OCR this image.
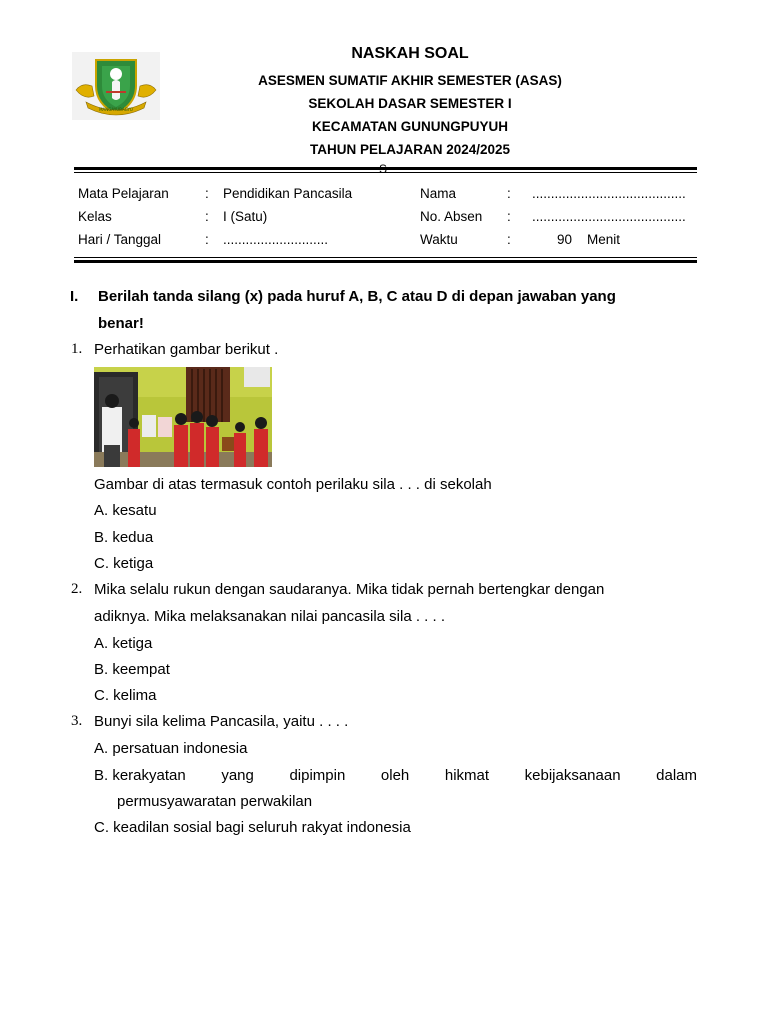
MANGAYUBAGYO
NASKAH SOAL
ASESMEN SUMATIF AKHIR SEMESTER (ASAS)
SEKOLAH DASAR SEMESTER I
KECAMATAN GUNUNGPUYUH
TAHUN PELAJARAN 2024/2025
S
Mata Pelajaran	: Pendidikan Pancasila	Nama	: .........................................
Kelas	: I (Satu)	No. Absen : .........................................
Hari / Tanggal	: ............................	Waktu	:	90 Menit
I. Berilah tanda silang (x) pada huruf A, B, C atau D di depan jawaban yang
benar!
1. Perhatikan gambar berikut .
Gambar di atas termasuk contoh perilaku sila . . . di sekolah
A. kesatu
B. kedua
C. ketiga
2. Mika selalu rukun dengan saudaranya. Mika tidak pernah bertengkar dengan
adiknya. Mika melaksanakan nilai pancasila sila . . . .
A. ketiga
B. keempat
C. kelima
3. Bunyi sila kelima Pancasila, yaitu . . . .
A. persatuan indonesia
B. kerakyatan yang dipimpin oleh hikmat kebijaksanaan dalam
permusyawaratan perwakilan
C. keadilan sosial bagi seluruh rakyat indonesia
